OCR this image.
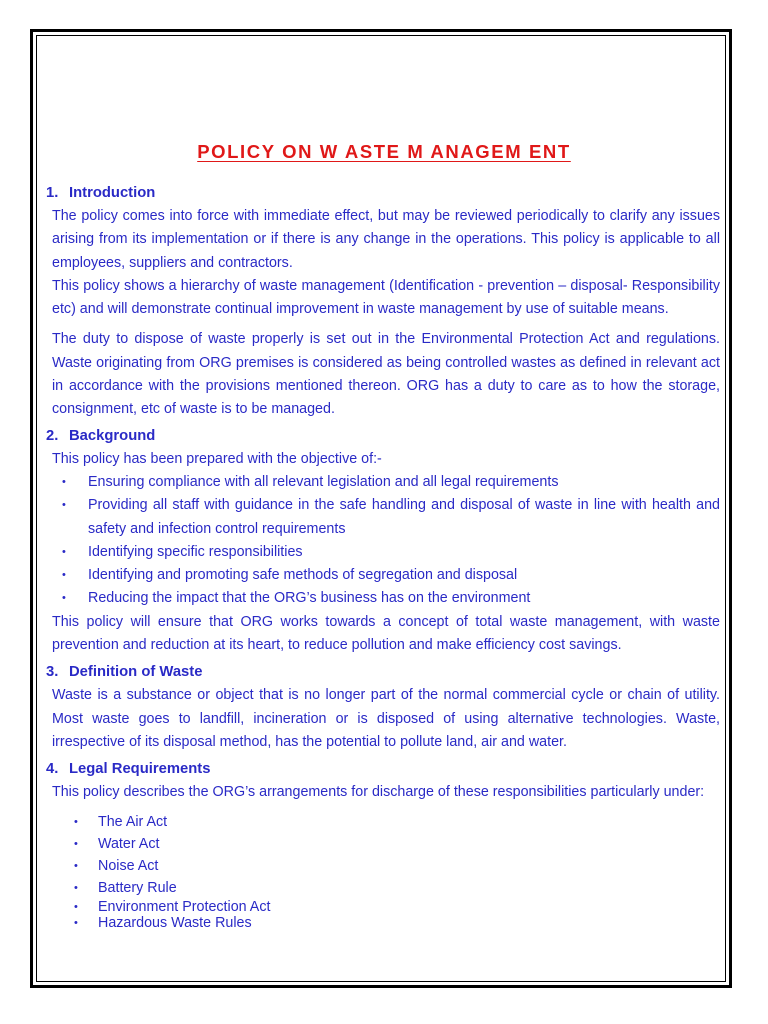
POLICY ON W ASTE M ANAGEM ENT
1. Introduction

The policy comes into force with immediate effect, but may be reviewed periodically to clarify any issues arising from its implementation or if there is any change in the operations. This policy is applicable to all employees, suppliers and contractors.

This policy shows a hierarchy of waste management (Identification - prevention – disposal- Responsibility etc) and will demonstrate continual improvement in waste management by use of suitable means.

The duty to dispose of waste properly is set out in the Environmental Protection Act and regulations. Waste originating from ORG premises is considered as being controlled wastes as defined in relevant act in accordance with the provisions mentioned thereon. ORG has a duty to care as to how the storage, consignment, etc of waste is to be managed.

2. Background

This policy has been prepared with the objective of:-

• Ensuring compliance with all relevant legislation and all legal requirements
• Providing all staff with guidance in the safe handling and disposal of waste in line with health and safety and infection control requirements
• Identifying specific responsibilities
• Identifying and promoting safe methods of segregation and disposal
• Reducing the impact that the ORG’s business has on the environment

This policy will ensure that ORG works towards a concept of total waste management, with waste prevention and reduction at its heart, to reduce pollution and make efficiency cost savings.

3. Definition of Waste

Waste is a substance or object that is no longer part of the normal commercial cycle or chain of utility. Most waste goes to landfill, incineration or is disposed of using alternative technologies. Waste, irrespective of its disposal method, has the potential to pollute land, air and water.

4. Legal Requirements

This policy describes the ORG’s arrangements for discharge of these responsibilities particularly under:

• The Air Act
• Water Act
• Noise Act
• Battery Rule
• Environment Protection Act
• Hazardous Waste Rules
